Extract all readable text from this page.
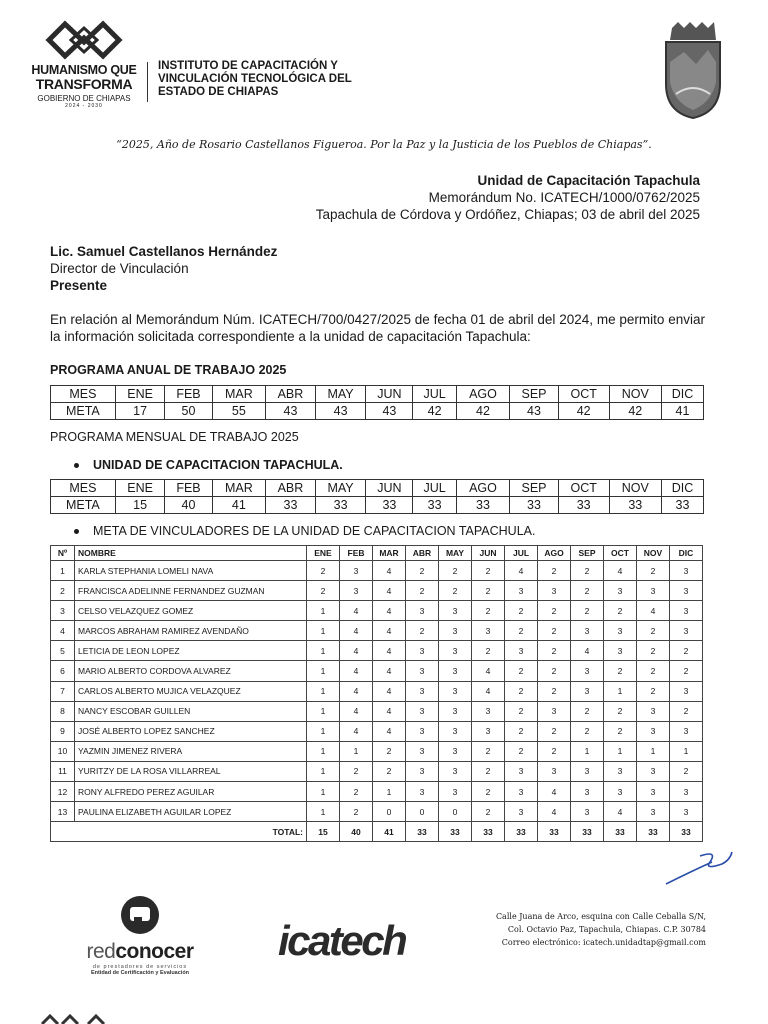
HUMANISMO QUE
TRANSFORMA
GOBIERNO DE CHIAPAS
2024 - 2030
INSTITUTO DE CAPACITACIÓN Y
VINCULACIÓN TECNOLÓGICA DEL
ESTADO DE CHIAPAS
“2025, Año de Rosario Castellanos Figueroa. Por la Paz y la Justicia de los Pueblos de Chiapas”.
Unidad de Capacitación Tapachula
Memorándum No. ICATECH/1000/0762/2025
Tapachula de Córdova y Ordóñez, Chiapas; 03 de abril del 2025
Lic. Samuel Castellanos Hernández
Director de Vinculación
Presente
En relación al Memorándum Núm. ICATECH/700/0427/2025 de fecha 01 de abril del 2024, me permito enviar la información solicitada correspondiente a la unidad de capacitación Tapachula:
PROGRAMA ANUAL DE TRABAJO 2025
MES	ENE	FEB	MAR	ABR	MAY	JUN	JUL	AGO	SEP	OCT	NOV	DIC
META	17	50	55	43	43	43	42	42	43	42	42	41
PROGRAMA MENSUAL DE TRABAJO 2025
UNIDAD DE CAPACITACION TAPACHULA.
MES	ENE	FEB	MAR	ABR	MAY	JUN	JUL	AGO	SEP	OCT	NOV	DIC
META	15	40	41	33	33	33	33	33	33	33	33	33
META DE VINCULADORES DE LA UNIDAD DE CAPACITACION TAPACHULA.
Nº	NOMBRE	ENE	FEB	MAR	ABR	MAY	JUN	JUL	AGO	SEP	OCT	NOV	DIC
1	KARLA STEPHANIA LOMELI NAVA	2	3	4	2	2	2	4	2	2	4	2	3
2	FRANCISCA ADELINNE FERNANDEZ GUZMAN	2	3	4	2	2	2	3	3	2	3	3	3
3	CELSO VELAZQUEZ GOMEZ	1	4	4	3	3	2	2	2	2	2	4	3
4	MARCOS ABRAHAM RAMIREZ AVENDAÑO	1	4	4	2	3	3	2	2	3	3	2	3
5	LETICIA DE LEON LOPEZ	1	4	4	3	3	2	3	2	4	3	2	2
6	MARIO ALBERTO CORDOVA ALVAREZ	1	4	4	3	3	4	2	2	3	2	2	2
7	CARLOS ALBERTO MUJICA VELAZQUEZ	1	4	4	3	3	4	2	2	3	1	2	3
8	NANCY ESCOBAR GUILLEN	1	4	4	3	3	3	2	3	2	2	3	2
9	JOSÉ ALBERTO LOPEZ SANCHEZ	1	4	4	3	3	3	2	2	2	2	3	3
10	YAZMIN JIMENEZ RIVERA	1	1	2	3	3	2	2	2	1	1	1	1
11	YURITZY DE LA ROSA VILLARREAL	1	2	2	3	3	2	3	3	3	3	3	2
12	RONY ALFREDO PEREZ AGUILAR	1	2	1	3	3	2	3	4	3	3	3	3
13	PAULINA ELIZABETH AGUILAR LOPEZ	1	2	0	0	0	2	3	4	3	4	3	3
TOTAL:		15	40	41	33	33	33	33	33	33	33	33	33
redconocer
de prestadores de servicios
Entidad de Certificación y Evaluación
icatech
Calle Juana de Arco, esquina con Calle Ceballa S/N,
Col. Octavio Paz, Tapachula, Chiapas. C.P. 30784
Correo electrónico: icatech.unidadtap@gmail.com
